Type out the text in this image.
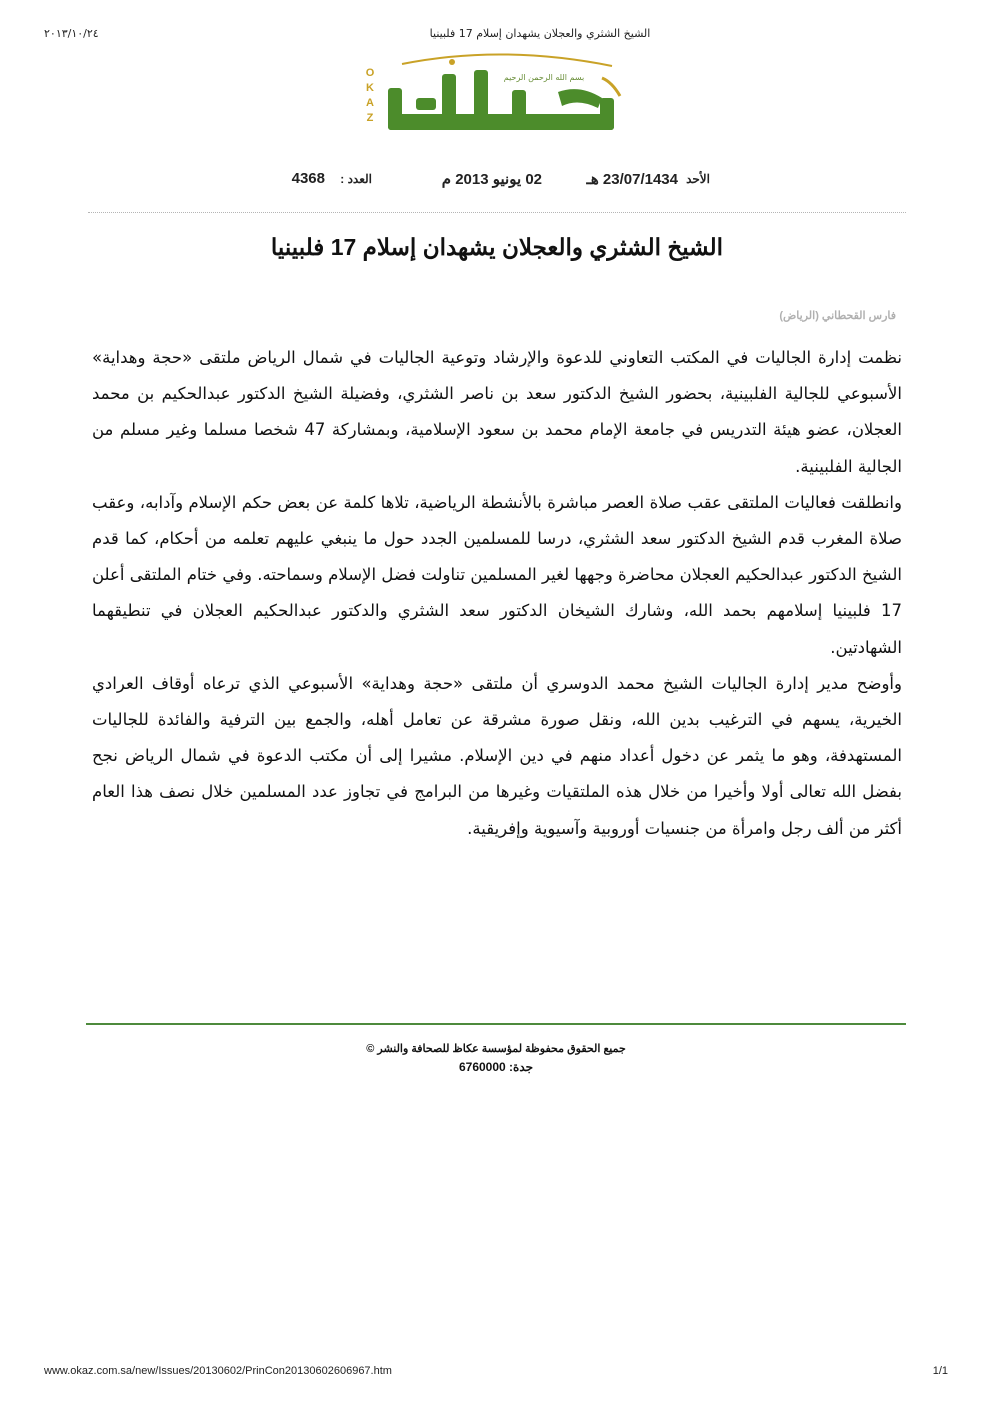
الشيخ الشثري والعجلان يشهدان إسلام 17 فلبينيا
٢٠١٣/١٠/٢٤
بسم الله الرحمن الرحيم
O
K
A
Z
الأحد
23/07/1434 هـ
02 يونيو 2013 م
العدد :
4368
الشيخ الشثري والعجلان يشهدان إسلام 17 فلبينيا
فارس القحطاني (الرياض)

نظمت إدارة الجاليات في المكتب التعاوني للدعوة والإرشاد وتوعية الجاليات في شمال الرياض ملتقى «حجة وهداية» الأسبوعي للجالية الفلبينية، بحضور الشيخ الدكتور سعد بن ناصر الشثري، وفضيلة الشيخ الدكتور عبدالحكيم بن محمد العجلان، عضو هيئة التدريس في جامعة الإمام محمد بن سعود الإسلامية، وبمشاركة 47 شخصا مسلما وغير مسلم من الجالية الفلبينية.

وانطلقت فعاليات الملتقى عقب صلاة العصر مباشرة بالأنشطة الرياضية، تلاها كلمة عن بعض حكم الإسلام وآدابه، وعقب صلاة المغرب قدم الشيخ الدكتور سعد الشثري، درسا للمسلمين الجدد حول ما ينبغي عليهم تعلمه من أحكام، كما قدم الشيخ الدكتور عبدالحكيم العجلان محاضرة وجهها لغير المسلمين تناولت فضل الإسلام وسماحته. وفي ختام الملتقى أعلن 17 فلبينيا إسلامهم بحمد الله، وشارك الشيخان الدكتور سعد الشثري والدكتور عبدالحكيم العجلان في تنطيقهما الشهادتين.

وأوضح مدير إدارة الجاليات الشيخ محمد الدوسري أن ملتقى «حجة وهداية» الأسبوعي الذي ترعاه أوقاف العرادي الخيرية، يسهم في الترغيب بدين الله، ونقل صورة مشرقة عن تعامل أهله، والجمع بين الترفية والفائدة للجاليات المستهدفة، وهو ما يثمر عن دخول أعداد منهم في دين الإسلام. مشيرا إلى أن مكتب الدعوة في شمال الرياض نجح بفضل الله تعالى أولا وأخيرا من خلال هذه الملتقيات وغيرها من البرامج في تجاوز عدد المسلمين خلال نصف هذا العام أكثر من ألف رجل وامرأة من جنسيات أوروبية وآسيوية وإفريقية.

جميع الحقوق محفوظة لمؤسسة عكاظ للصحافة والنشر ©
جدة: 6760000
www.okaz.com.sa/new/Issues/20130602/PrinCon20130602606967.htm	1/1
